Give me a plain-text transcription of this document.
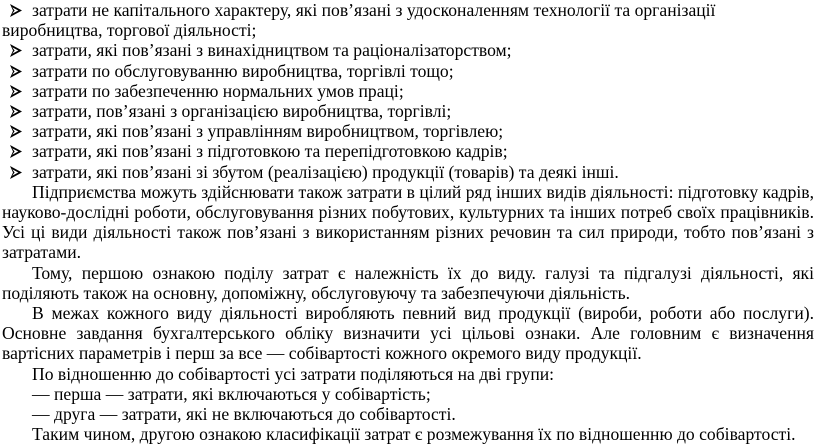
затрати не капітального характеру, які пов’язані з удосконаленням технології та організації
виробництва, торгової діяльності;
затрати, які пов’язані з винахідництвом та раціоналізаторством;
затрати по обслуговуванню виробництва, торгівлі тощо;
затрати по забезпеченню нормальних умов праці;
затрати, пов’язані з організацією виробництва, торгівлі;
затрати, які пов’язані з управлінням виробництвом, торгівлею;
затрати, які пов’язані з підготовкою та перепідготовкою кадрів;
затрати, які пов’язані зі збутом (реалізацією) продукції (товарів) та деякі інші.

Підприємства можуть здійснювати також затрати в цілий ряд інших видів діяльності: підготовку кадрів, науково-дослідні роботи, обслуговування різних побутових, культурних та інших потреб своїх працівників. Усі ці види діяльності також пов’язані з використанням різних речовин та сил природи, тобто пов’язані з затратами.

Тому, першою ознакою поділу затрат є належність їх до виду. галузі та підгалузі діяльності, які поділяють також на основну, допоміжну, обслуговуючу та забезпечуючи діяльність.

В межах кожного виду діяльності виробляють певний вид продукції (вироби, роботи або послуги). Основне завдання бухгалтерського обліку визначити усі цільові ознаки. Але головним є визначення вартісних параметрів і перш за все — собівартості кожного окремого виду продукції.

По відношенню до собівартості усі затрати поділяються на дві групи:

— перша — затрати, які включаються у собівартість;

— друга — затрати, які не включаються до собівартості.

Таким чином, другою ознакою класифікації затрат є розмежування їх по відношенню до собівартості.
